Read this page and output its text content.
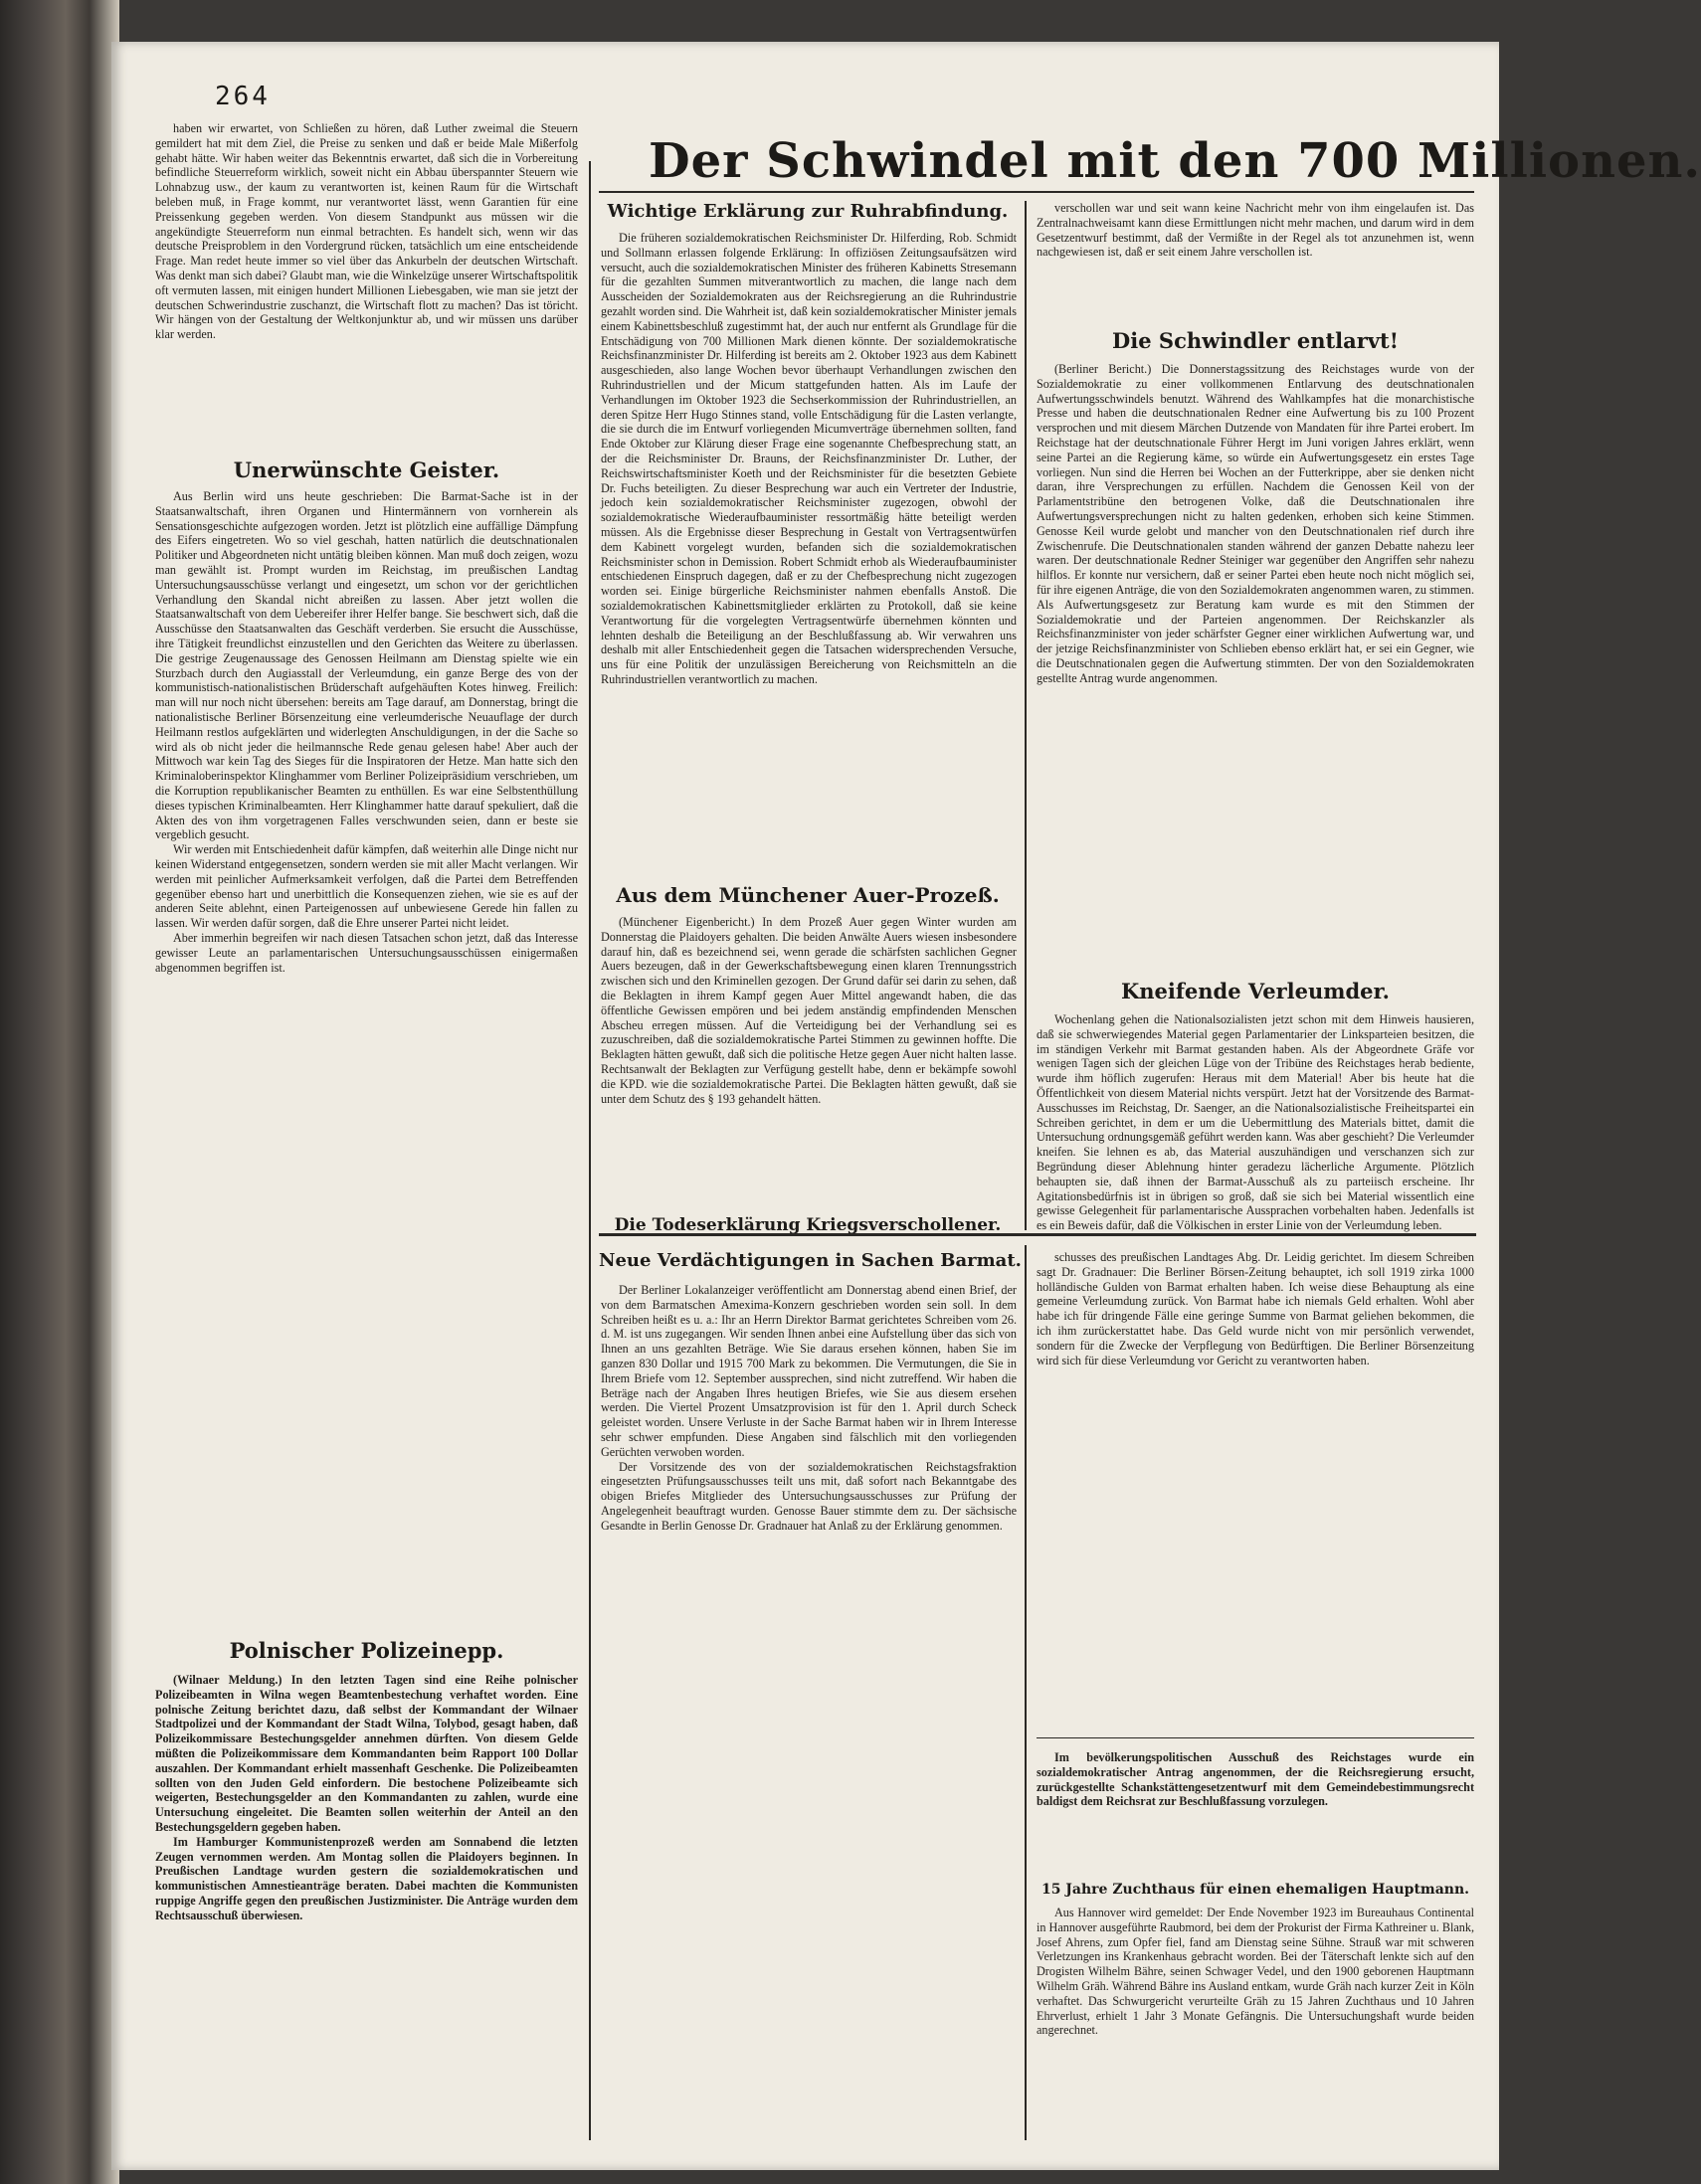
264
Der Schwindel mit den 700 Millionen.

haben wir erwartet, von Schließen zu hören, daß Luther zweimal die Steuern gemildert hat mit dem Ziel, die Preise zu senken und daß er beide Male Mißerfolg gehabt hätte. Wir haben weiter das Bekenntnis erwartet, daß sich die in Vorbereitung befindliche Steuerreform wirklich, soweit nicht ein Abbau überspannter Steuern wie Lohnabzug usw., der kaum zu verantworten ist, keinen Raum für die Wirtschaft beleben muß, in Frage kommt, nur verantwortet lässt, wenn Garantien für eine Preissenkung gegeben werden. Von diesem Standpunkt aus müssen wir die angekündigte Steuerreform nun einmal betrachten. Es handelt sich, wenn wir das deutsche Preisproblem in den Vordergrund rücken, tatsächlich um eine entscheidende Frage. Man redet heute immer so viel über das Ankurbeln der deutschen Wirtschaft. Was denkt man sich dabei? Glaubt man, wie die Winkelzüge unserer Wirtschaftspolitik oft vermuten lassen, mit einigen hundert Millionen Liebesgaben, wie man sie jetzt der deutschen Schwerindustrie zuschanzt, die Wirtschaft flott zu machen? Das ist töricht. Wir hängen von der Gestaltung der Weltkonjunktur ab, und wir müssen uns darüber klar werden.

Unerwünschte Geister.

Aus Berlin wird uns heute geschrieben: Die Barmat-Sache ist in der Staatsanwaltschaft, ihren Organen und Hintermännern von vornherein als Sensationsgeschichte aufgezogen worden. Jetzt ist plötzlich eine auffällige Dämpfung des Eifers eingetreten. Wo so viel geschah, hatten natürlich die deutschnationalen Politiker und Abgeordneten nicht untätig bleiben können. Man muß doch zeigen, wozu man gewählt ist. Prompt wurden im Reichstag, im preußischen Landtag Untersuchungsausschüsse verlangt und eingesetzt, um schon vor der gerichtlichen Verhandlung den Skandal nicht abreißen zu lassen. Aber jetzt wollen die Staatsanwaltschaft von dem Uebereifer ihrer Helfer bange. Sie beschwert sich, daß die Ausschüsse den Staatsanwalten das Geschäft verderben. Sie ersucht die Ausschüsse, ihre Tätigkeit freundlichst einzustellen und den Gerichten das Weitere zu überlassen. Die gestrige Zeugenaussage des Genossen Heilmann am Dienstag spielte wie ein Sturzbach durch den Augiasstall der Verleumdung, ein ganze Berge des von der kommunistisch-nationalistischen Brüderschaft aufgehäuften Kotes hinweg. Freilich: man will nur noch nicht übersehen: bereits am Tage darauf, am Donnerstag, bringt die nationalistische Berliner Börsenzeitung eine verleumderische Neuauflage der durch Heilmann restlos aufgeklärten und widerlegten Anschuldigungen, in der die Sache so wird als ob nicht jeder die heilmannsche Rede genau gelesen habe! Aber auch der Mittwoch war kein Tag des Sieges für die Inspiratoren der Hetze. Man hatte sich den Kriminaloberinspektor Klinghammer vom Berliner Polizeipräsidium verschrieben, um die Korruption republikanischer Beamten zu enthüllen. Es war eine Selbstenthüllung dieses typischen Kriminalbeamten. Herr Klinghammer hatte darauf spekuliert, daß die Akten des von ihm vorgetragenen Falles verschwunden seien, dann er beste sie vergeblich gesucht.

Wir werden mit Entschiedenheit dafür kämpfen, daß weiterhin alle Dinge nicht nur keinen Widerstand entgegensetzen, sondern werden sie mit aller Macht verlangen. Wir werden mit peinlicher Aufmerksamkeit verfolgen, daß die Partei dem Betreffenden gegenüber ebenso hart und unerbittlich die Konsequenzen ziehen, wie sie es auf der anderen Seite ablehnt, einen Parteigenossen auf unbewiesene Gerede hin fallen zu lassen. Wir werden dafür sorgen, daß die Ehre unserer Partei nicht leidet.

Aber immerhin begreifen wir nach diesen Tatsachen schon jetzt, daß das Interesse gewisser Leute an parlamentarischen Untersuchungsausschüssen einigermaßen abgenommen begriffen ist.

Polnischer Polizeinepp.

(Wilnaer Meldung.) In den letzten Tagen sind eine Reihe polnischer Polizeibeamten in Wilna wegen Beamtenbestechung verhaftet worden. Eine polnische Zeitung berichtet dazu, daß selbst der Kommandant der Wilnaer Stadtpolizei und der Kommandant der Stadt Wilna, Tolybod, gesagt haben, daß Polizeikommissare Bestechungsgelder annehmen dürften. Von diesem Gelde müßten die Polizeikommissare dem Kommandanten beim Rapport 100 Dollar auszahlen. Der Kommandant erhielt massenhaft Geschenke. Die Polizeibeamten sollten von den Juden Geld einfordern. Die bestochene Polizeibeamte sich weigerten, Bestechungsgelder an den Kommandanten zu zahlen, wurde eine Untersuchung eingeleitet. Die Beamten sollen weiterhin der Anteil an den Bestechungsgeldern gegeben haben.

Im Hamburger Kommunistenprozeß werden am Sonnabend die letzten Zeugen vernommen werden. Am Montag sollen die Plaidoyers beginnen. In Preußischen Landtage wurden gestern die sozialdemokratischen und kommunistischen Amnestieanträge beraten. Dabei machten die Kommunisten ruppige Angriffe gegen den preußischen Justizminister. Die Anträge wurden dem Rechtsausschuß überwiesen.

Wichtige Erklärung zur Ruhrabfindung.

Die früheren sozialdemokratischen Reichsminister Dr. Hilferding, Rob. Schmidt und Sollmann erlassen folgende Erklärung: In offiziösen Zeitungsaufsätzen wird versucht, auch die sozialdemokratischen Minister des früheren Kabinetts Stresemann für die gezahlten Summen mitverantwortlich zu machen, die lange nach dem Ausscheiden der Sozialdemokraten aus der Reichsregierung an die Ruhrindustrie gezahlt worden sind. Die Wahrheit ist, daß kein sozialdemokratischer Minister jemals einem Kabinettsbeschluß zugestimmt hat, der auch nur entfernt als Grundlage für die Entschädigung von 700 Millionen Mark dienen könnte. Der sozialdemokratische Reichsfinanzminister Dr. Hilferding ist bereits am 2. Oktober 1923 aus dem Kabinett ausgeschieden, also lange Wochen bevor überhaupt Verhandlungen zwischen den Ruhrindustriellen und der Micum stattgefunden hatten. Als im Laufe der Verhandlungen im Oktober 1923 die Sechserkommission der Ruhrindustriellen, an deren Spitze Herr Hugo Stinnes stand, volle Entschädigung für die Lasten verlangte, die sie durch die im Entwurf vorliegenden Micumverträge übernehmen sollten, fand Ende Oktober zur Klärung dieser Frage eine sogenannte Chefbesprechung statt, an der die Reichsminister Dr. Brauns, der Reichsfinanzminister Dr. Luther, der Reichswirtschaftsminister Koeth und der Reichsminister für die besetzten Gebiete Dr. Fuchs beteiligten. Zu dieser Besprechung war auch ein Vertreter der Industrie, jedoch kein sozialdemokratischer Reichsminister zugezogen, obwohl der sozialdemokratische Wiederaufbauminister ressortmäßig hätte beteiligt werden müssen. Als die Ergebnisse dieser Besprechung in Gestalt von Vertragsentwürfen dem Kabinett vorgelegt wurden, befanden sich die sozialdemokratischen Reichsminister schon in Demission. Robert Schmidt erhob als Wiederaufbauminister entschiedenen Einspruch dagegen, daß er zu der Chefbesprechung nicht zugezogen worden sei. Einige bürgerliche Reichsminister nahmen ebenfalls Anstoß. Die sozialdemokratischen Kabinettsmitglieder erklärten zu Protokoll, daß sie keine Verantwortung für die vorgelegten Vertragsentwürfe übernehmen könnten und lehnten deshalb die Beteiligung an der Beschlußfassung ab. Wir verwahren uns deshalb mit aller Entschiedenheit gegen die Tatsachen widersprechenden Versuche, uns für eine Politik der unzulässigen Bereicherung von Reichsmitteln an die Ruhrindustriellen verantwortlich zu machen.

Aus dem Münchener Auer-Prozeß.

(Münchener Eigenbericht.) In dem Prozeß Auer gegen Winter wurden am Donnerstag die Plaidoyers gehalten. Die beiden Anwälte Auers wiesen insbesondere darauf hin, daß es bezeichnend sei, wenn gerade die schärfsten sachlichen Gegner Auers bezeugen, daß in der Gewerkschaftsbewegung einen klaren Trennungsstrich zwischen sich und den Kriminellen gezogen. Der Grund dafür sei darin zu sehen, daß die Beklagten in ihrem Kampf gegen Auer Mittel angewandt haben, die das öffentliche Gewissen empören und bei jedem anständig empfindenden Menschen Abscheu erregen müssen. Auf die Verteidigung bei der Verhandlung sei es zuzuschreiben, daß die sozialdemokratische Partei Stimmen zu gewinnen hoffte. Die Beklagten hätten gewußt, daß sich die politische Hetze gegen Auer nicht halten lasse. Rechtsanwalt der Beklagten zur Verfügung gestellt habe, denn er bekämpfe sowohl die KPD. wie die sozialdemokratische Partei. Die Beklagten hätten gewußt, daß sie unter dem Schutz des § 193 gehandelt hätten.

Die Todeserklärung Kriegsverschollener.

verschollen war und seit wann keine Nachricht mehr von ihm eingelaufen ist. Das Zentralnachweisamt kann diese Ermittlungen nicht mehr machen, und darum wird in dem Gesetzentwurf bestimmt, daß der Vermißte in der Regel als tot anzunehmen ist, wenn nachgewiesen ist, daß er seit einem Jahre verschollen ist.

Die Schwindler entlarvt!

(Berliner Bericht.) Die Donnerstagssitzung des Reichstages wurde von der Sozialdemokratie zu einer vollkommenen Entlarvung des deutschnationalen Aufwertungsschwindels benutzt. Während des Wahlkampfes hat die monarchistische Presse und haben die deutschnationalen Redner eine Aufwertung bis zu 100 Prozent versprochen und mit diesem Märchen Dutzende von Mandaten für ihre Partei erobert. Im Reichstage hat der deutschnationale Führer Hergt im Juni vorigen Jahres erklärt, wenn seine Partei an die Regierung käme, so würde ein Aufwertungsgesetz ein erstes Tage vorliegen. Nun sind die Herren bei Wochen an der Futterkrippe, aber sie denken nicht daran, ihre Versprechungen zu erfüllen. Nachdem die Genossen Keil von der Parlamentstribüne den betrogenen Volke, daß die Deutschnationalen ihre Aufwertungsversprechungen nicht zu halten gedenken, erhoben sich keine Stimmen. Genosse Keil wurde gelobt und mancher von den Deutschnationalen rief durch ihre Zwischenrufe. Die Deutschnationalen standen während der ganzen Debatte nahezu leer waren. Der deutschnationale Redner Steiniger war gegenüber den Angriffen sehr nahezu hilflos. Er konnte nur versichern, daß er seiner Partei eben heute noch nicht möglich sei, für ihre eigenen Anträge, die von den Sozialdemokraten angenommen waren, zu stimmen. Als Aufwertungsgesetz zur Beratung kam wurde es mit den Stimmen der Sozialdemokratie und der Parteien angenommen. Der Reichskanzler als Reichsfinanzminister von jeder schärfster Gegner einer wirklichen Aufwertung war, und der jetzige Reichsfinanzminister von Schlieben ebenso erklärt hat, er sei ein Gegner, wie die Deutschnationalen gegen die Aufwertung stimmten. Der von den Sozialdemokraten gestellte Antrag wurde angenommen.

Kneifende Verleumder.

Wochenlang gehen die Nationalsozialisten jetzt schon mit dem Hinweis hausieren, daß sie schwerwiegendes Material gegen Parlamentarier der Linksparteien besitzen, die im ständigen Verkehr mit Barmat gestanden haben. Als der Abgeordnete Gräfe vor wenigen Tagen sich der gleichen Lüge von der Tribüne des Reichstages herab bediente, wurde ihm höflich zugerufen: Heraus mit dem Material! Aber bis heute hat die Öffentlichkeit von diesem Material nichts verspürt. Jetzt hat der Vorsitzende des Barmat-Ausschusses im Reichstag, Dr. Saenger, an die Nationalsozialistische Freiheitspartei ein Schreiben gerichtet, in dem er um die Uebermittlung des Materials bittet, damit die Untersuchung ordnungsgemäß geführt werden kann. Was aber geschieht? Die Verleumder kneifen. Sie lehnen es ab, das Material auszuhändigen und verschanzen sich zur Begründung dieser Ablehnung hinter geradezu lächerliche Argumente. Plötzlich behaupten sie, daß ihnen der Barmat-Ausschuß als zu parteiisch erscheine. Ihr Agitationsbedürfnis ist in übrigen so groß, daß sie sich bei Material wissentlich eine gewisse Gelegenheit für parlamentarische Aussprachen vorbehalten haben. Jedenfalls ist es ein Beweis dafür, daß die Völkischen in erster Linie von der Verleumdung leben.

Neue Verdächtigungen in Sachen Barmat.

Der Berliner Lokalanzeiger veröffentlicht am Donnerstag abend einen Brief, der von dem Barmatschen Amexima-Konzern geschrieben worden sein soll. In dem Schreiben heißt es u. a.: Ihr an Herrn Direktor Barmat gerichtetes Schreiben vom 26. d. M. ist uns zugegangen. Wir senden Ihnen anbei eine Aufstellung über das sich von Ihnen an uns gezahlten Beträge. Wie Sie daraus ersehen können, haben Sie im ganzen 830 Dollar und 1915 700 Mark zu bekommen. Die Vermutungen, die Sie in Ihrem Briefe vom 12. September aussprechen, sind nicht zutreffend. Wir haben die Beträge nach der Angaben Ihres heutigen Briefes, wie Sie aus diesem ersehen werden. Die Viertel Prozent Umsatzprovision ist für den 1. April durch Scheck geleistet worden. Unsere Verluste in der Sache Barmat haben wir in Ihrem Interesse sehr schwer empfunden. Diese Angaben sind fälschlich mit den vorliegenden Gerüchten verwoben worden.

Der Vorsitzende des von der sozialdemokratischen Reichstagsfraktion eingesetzten Prüfungsausschusses teilt uns mit, daß sofort nach Bekanntgabe des obigen Briefes Mitglieder des Untersuchungsausschusses zur Prüfung der Angelegenheit beauftragt wurden. Genosse Bauer stimmte dem zu. Der sächsische Gesandte in Berlin Genosse Dr. Gradnauer hat Anlaß zu der Erklärung genommen.

schusses des preußischen Landtages Abg. Dr. Leidig gerichtet. Im diesem Schreiben sagt Dr. Gradnauer: Die Berliner Börsen-Zeitung behauptet, ich soll 1919 zirka 1000 holländische Gulden von Barmat erhalten haben. Ich weise diese Behauptung als eine gemeine Verleumdung zurück. Von Barmat habe ich niemals Geld erhalten. Wohl aber habe ich für dringende Fälle eine geringe Summe von Barmat geliehen bekommen, die ich ihm zurückerstattet habe. Das Geld wurde nicht von mir persönlich verwendet, sondern für die Zwecke der Verpflegung von Bedürftigen. Die Berliner Börsenzeitung wird sich für diese Verleumdung vor Gericht zu verantworten haben.

Im bevölkerungspolitischen Ausschuß des Reichstages wurde ein sozialdemokratischer Antrag angenommen, der die Reichsregierung ersucht, zurückgestellte Schankstättengesetzentwurf mit dem Gemeindebestimmungsrecht baldigst dem Reichsrat zur Beschlußfassung vorzulegen.

15 Jahre Zuchthaus für einen ehemaligen Hauptmann.

Aus Hannover wird gemeldet: Der Ende November 1923 im Bureauhaus Continental in Hannover ausgeführte Raubmord, bei dem der Prokurist der Firma Kathreiner u. Blank, Josef Ahrens, zum Opfer fiel, fand am Dienstag seine Sühne. Strauß war mit schweren Verletzungen ins Krankenhaus gebracht worden. Bei der Täterschaft lenkte sich auf den Drogisten Wilhelm Bähre, seinen Schwager Vedel, und den 1900 geborenen Hauptmann Wilhelm Gräh. Während Bähre ins Ausland entkam, wurde Gräh nach kurzer Zeit in Köln verhaftet. Das Schwurgericht verurteilte Gräh zu 15 Jahren Zuchthaus und 10 Jahren Ehrverlust, erhielt 1 Jahr 3 Monate Gefängnis. Die Untersuchungshaft wurde beiden angerechnet.
